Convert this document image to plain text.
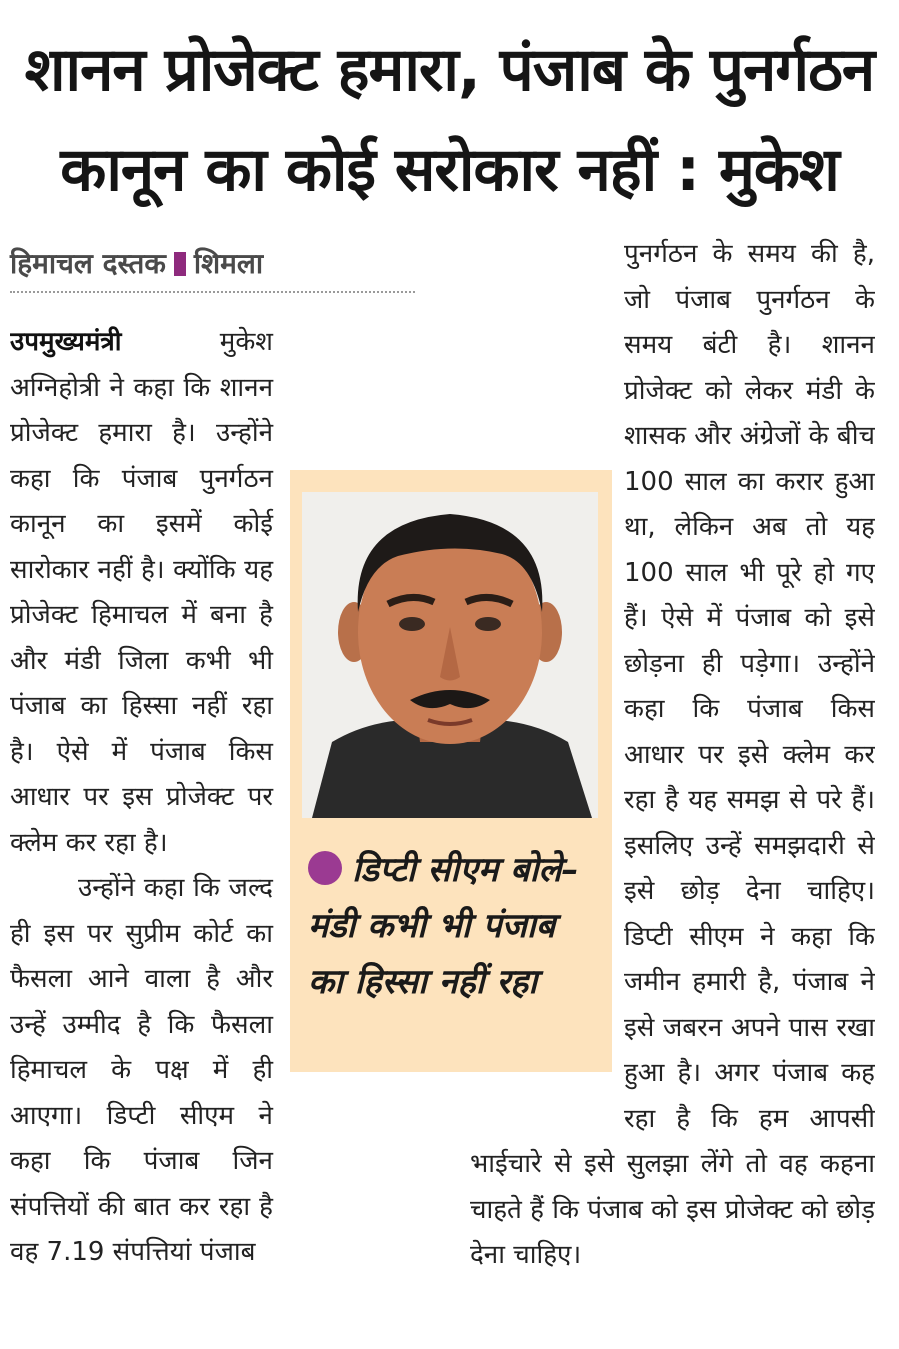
शानन प्रोजेक्ट हमारा, पंजाब के पुनर्गठन
कानून का कोई सरोकार नहीं : मुकेश
हिमाचल दस्तक शिमला

उपमुख्यमंत्री मुकेश अग्निहोत्री ने कहा कि शानन प्रोजेक्ट हमारा है। उन्होंने कहा कि पंजाब पुनर्गठन कानून का इसमें कोई सारोकार नहीं है। क्योंकि यह प्रोजेक्ट हिमाचल में बना है और मंडी जिला कभी भी पंजाब का हिस्सा नहीं रहा है। ऐसे में पंजाब किस आधार पर इस प्रोजेक्ट पर क्लेम कर रहा है।

उन्होंने कहा कि जल्द ही इस पर सुप्रीम कोर्ट का फैसला आने वाला है और उन्हें उम्मीद है कि फैसला हिमाचल के पक्ष में ही आएगा। डिप्टी सीएम ने कहा कि पंजाब जिन संपत्तियों की बात कर रहा है वह 7.19 संपत्तियां पंजाब

पुनर्गठन के समय की है, जो पंजाब पुनर्गठन के समय बंटी है। शानन प्रोजेक्ट को लेकर मंडी के शासक और अंग्रेजों के बीच 100 साल का करार हुआ था, लेकिन अब तो यह 100 साल भी पूरे हो गए हैं। ऐसे में पंजाब को इसे छोड़ना ही पड़ेगा। उन्होंने कहा कि पंजाब किस आधार पर इसे क्लेम कर रहा है यह समझ से परे हैं। इसलिए उन्हें समझदारी से इसे छोड़ देना चाहिए। डिप्टी सीएम ने कहा कि जमीन हमारी है, पंजाब ने इसे जबरन अपने पास रखा हुआ है। अगर पंजाब कह रहा है कि हम आपसी भाईचारे से इसे सुलझा लेंगे तो वह कहना चाहते हैं कि पंजाब को इस प्रोजेक्ट को छोड़ देना चाहिए।

डिप्टी सीएम बोले– मंडी कभी भी पंजाब का हिस्सा नहीं रहा
